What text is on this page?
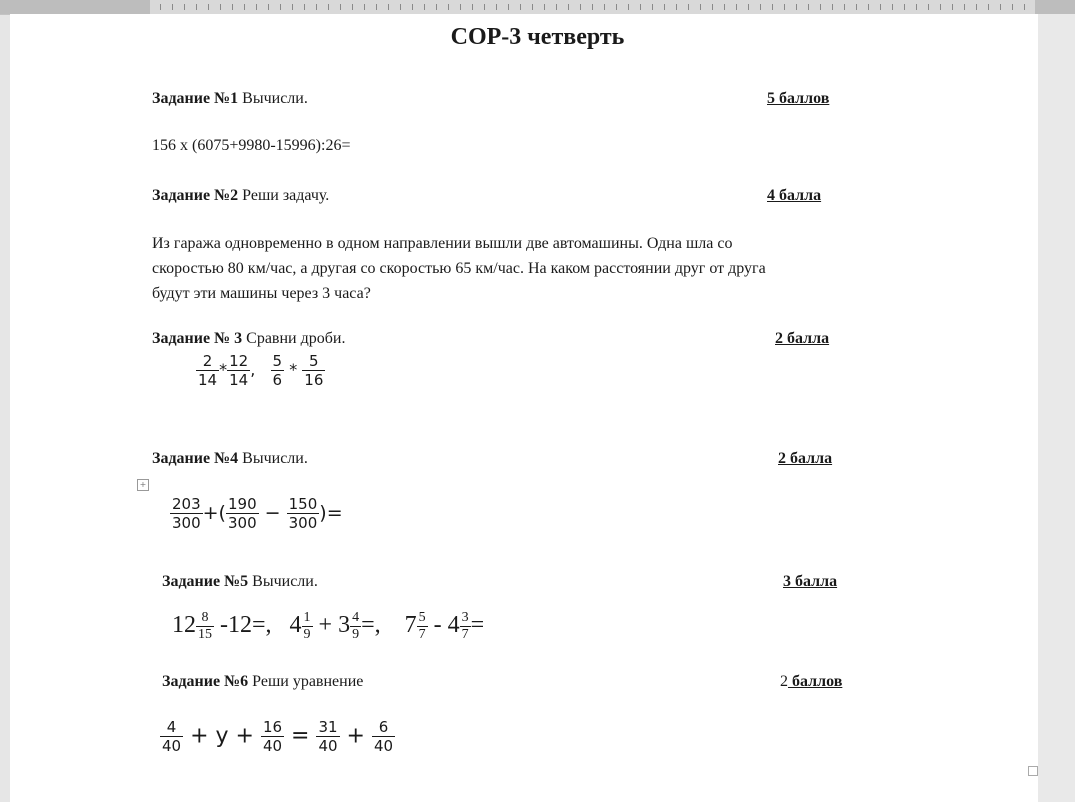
СОР-3 четверть
Задание №1 Вычисли.	5 баллов
156 х (6075+9980-15996):26=
Задание №2 Реши задачу.	4 балла
Из гаража одновременно в одном направлении вышли две автомашины. Одна шла со
скоростью 80 км/час, а другая со скоростью 65 км/час. На каком расстоянии друг от друга
будут эти машины через 3 часа?
Задание № 3 Сравни дроби.	2 балла
$\frac{2}{14} * \frac{12}{14}$ , $\frac{5}{6} * \frac{5}{16}$
Задание №4 Вычисли.	2 балла
+
$\frac{203}{300}$ +( $\frac{190}{300} - \frac{150}{300}$ )=
Задание №5 Вычисли.	3 балла
$12 \frac{8}{15} -12=$, $4 \frac{1}{9} + 3 \frac{4}{9}$ =, $7 \frac{5}{7} - 4 \frac{3}{7}$ =
Задание №6 Реши уравнение	2 баллов
$\frac{4}{40} + y + \frac{16}{40} = \frac{31}{40} + \frac{6}{40}$
